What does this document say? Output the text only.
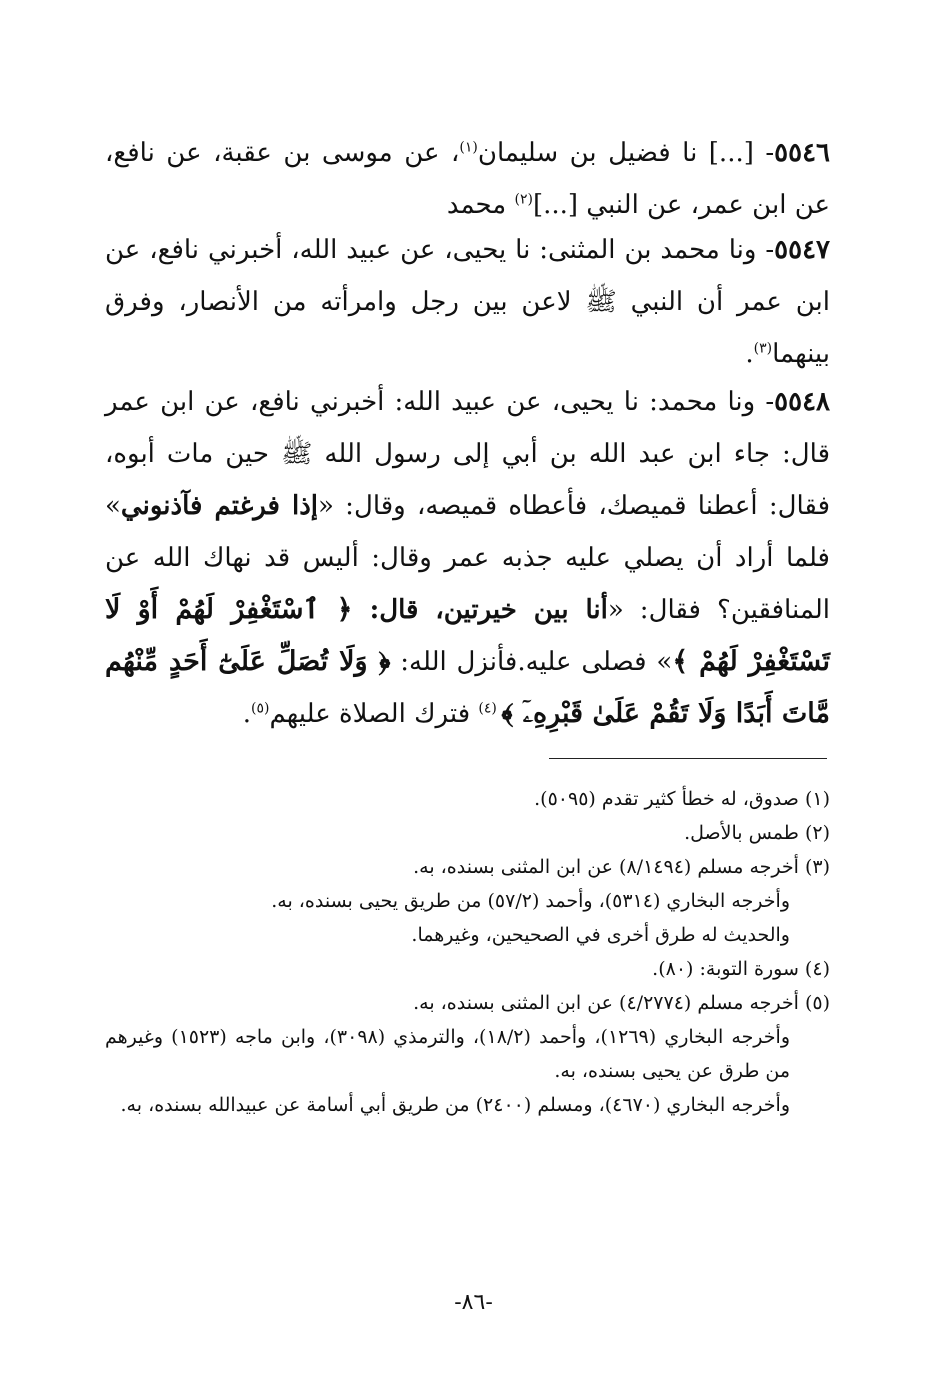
٥٥٤٦- [...] نا فضيل بن سليمان$^{(١)}$، عن موسى بن عقبة، عن نافع، عن ابن عمر، عن النبي [...]$^{(٢)}$ محمد

٥٥٤٧- ونا محمد بن المثنى: نا يحيى، عن عبيد الله، أخبرني نافع، عن ابن عمر أن النبي ﷺ لاعن بين رجل وامرأته من الأنصار، وفرق بينهما$^{(٣)}$.

٥٥٤٨- ونا محمد: نا يحيى، عن عبيد الله: أخبرني نافع، عن ابن عمر قال: جاء ابن عبد الله بن أبي إلى رسول الله ﷺ حين مات أبوه، فقال: أعطنا قميصك، فأعطاه قميصه، وقال: «إذا فرغتم فآذنوني» فلما أراد أن يصلي عليه جذبه عمر وقال: أليس قد نهاك الله عن المنافقين؟ فقال: «أنا بين خيرتين، قال: ﴿ ٱسْتَغْفِرْ لَهُمْ أَوْ لَا تَسْتَغْفِرْ لَهُمْ ﴾» فصلى عليه.فأنزل الله: ﴿ وَلَا تُصَلِّ عَلَىٰٓ أَحَدٍ مِّنْهُم مَّاتَ أَبَدًا وَلَا تَقُمْ عَلَىٰ قَبْرِهِۦٓ ﴾ $^{(٤)}$ فترك الصلاة عليهم$^{(٥)}$.

(١) صدوق، له خطأ كثير تقدم (٥٠٩٥).

(٢) طمس بالأصل.

(٣) أخرجه مسلم (٨/١٤٩٤) عن ابن المثنى بسنده، به.

وأخرجه البخاري (٥٣١٤)، وأحمد (٥٧/٢) من طريق يحيى بسنده، به.

والحديث له طرق أخرى في الصحيحين، وغيرهما.

(٤) سورة التوبة: (٨٠).

(٥) أخرجه مسلم (٤/٢٧٧٤) عن ابن المثنى بسنده، به.

وأخرجه البخاري (١٢٦٩)، وأحمد (١٨/٢)، والترمذي (٣٠٩٨)، وابن ماجه (١٥٢٣) وغيرهم من طرق عن يحيى بسنده، به.

وأخرجه البخاري (٤٦٧٠)، ومسلم (٢٤٠٠) من طريق أبي أسامة عن عبيدالله بسنده، به.

-٨٦-
